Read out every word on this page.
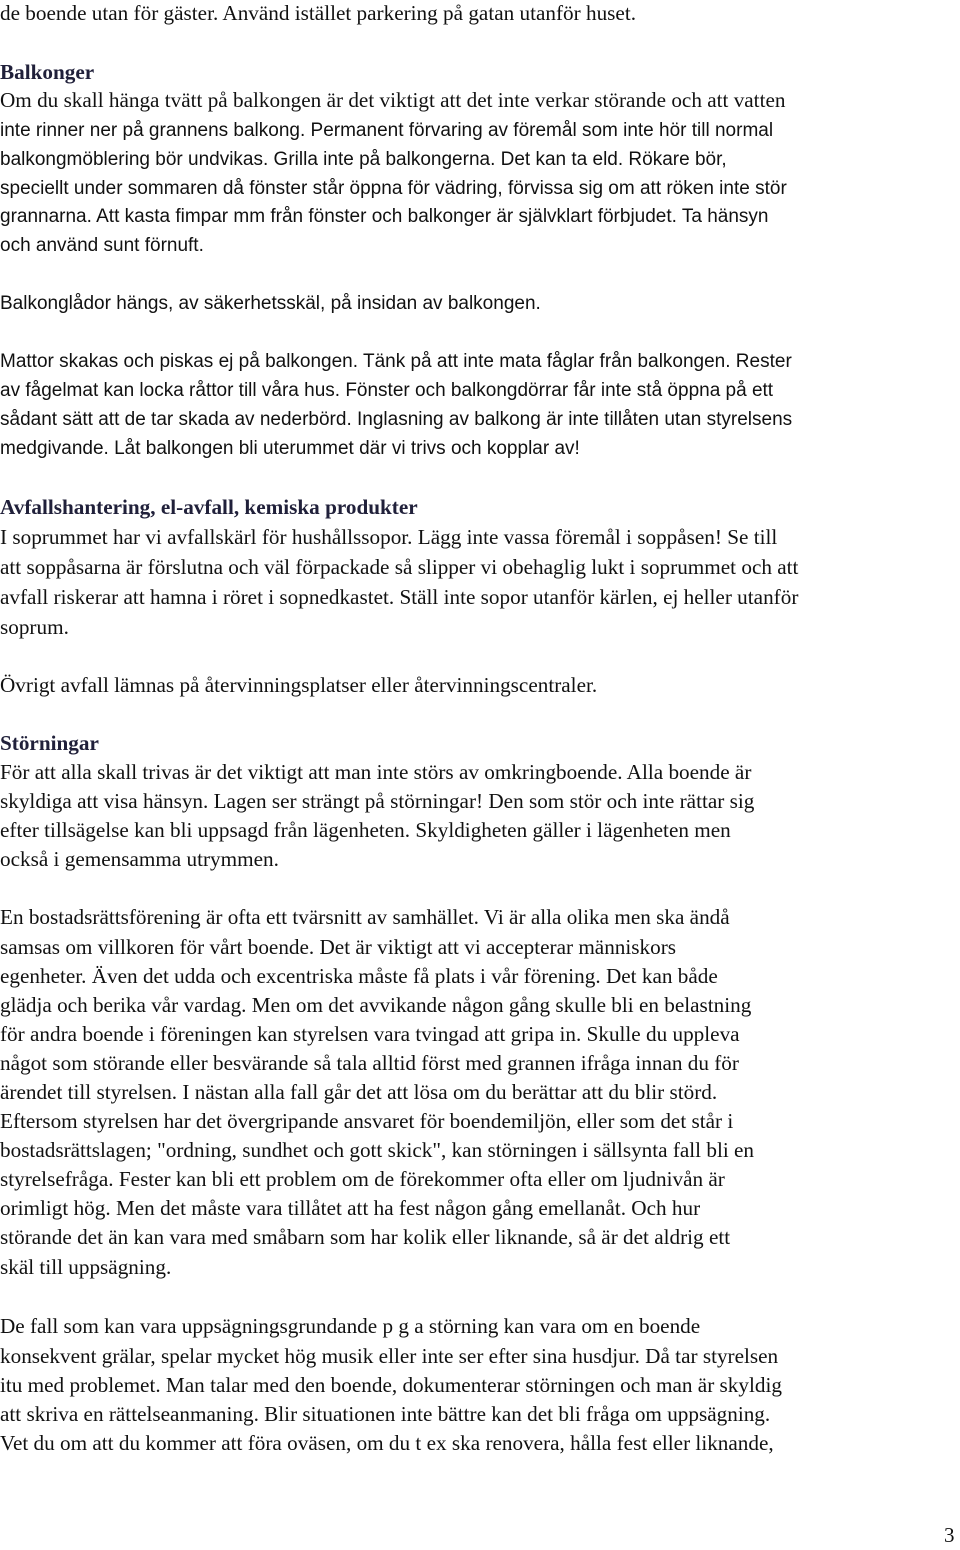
de boende utan för gäster. Använd istället parkering på gatan utanför huset.
Balkonger
Om du skall hänga tvätt på balkongen är det viktigt att det inte verkar störande och att vatten
inte rinner ner på grannens balkong. Permanent förvaring av föremål som inte hör till normal
balkongmöblering bör undvikas. Grilla inte på balkongerna. Det kan ta eld. Rökare bör,
speciellt under sommaren då fönster står öppna för vädring, förvissa sig om att röken inte stör
grannarna. Att kasta fimpar mm från fönster och balkonger är självklart förbjudet. Ta hänsyn
och använd sunt förnuft.
Balkonglådor hängs, av säkerhetsskäl, på insidan av balkongen.
Mattor skakas och piskas ej på balkongen. Tänk på att inte mata fåglar från balkongen. Rester
av fågelmat kan locka råttor till våra hus. Fönster och balkongdörrar får inte stå öppna på ett
sådant sätt att de tar skada av nederbörd. Inglasning av balkong är inte tillåten utan styrelsens
medgivande. Låt balkongen bli uterummet där vi trivs och kopplar av!
Avfallshantering, el-avfall, kemiska produkter
I soprummet har vi avfallskärl för hushållssopor. Lägg inte vassa föremål i soppåsen! Se till
att soppåsarna är förslutna och väl förpackade så slipper vi obehaglig lukt i soprummet och att
avfall riskerar att hamna i röret i sopnedkastet. Ställ inte sopor utanför kärlen, ej heller utanför
soprum.
Övrigt avfall lämnas på återvinningsplatser eller återvinningscentraler.
Störningar
För att alla skall trivas är det viktigt att man inte störs av omkringboende. Alla boende är
skyldiga att visa hänsyn. Lagen ser strängt på störningar! Den som stör och inte rättar sig
efter tillsägelse kan bli uppsagd från lägenheten. Skyldigheten gäller i lägenheten men
också i gemensamma utrymmen.
En bostadsrättsförening är ofta ett tvärsnitt av samhället. Vi är alla olika men ska ändå
samsas om villkoren för vårt boende. Det är viktigt att vi accepterar människors
egenheter. Även det udda och excentriska måste få plats i vår förening. Det kan både
glädja och berika vår vardag. Men om det avvikande någon gång skulle bli en belastning
för andra boende i föreningen kan styrelsen vara tvingad att gripa in. Skulle du uppleva
något som störande eller besvärande så tala alltid först med grannen ifråga innan du för
ärendet till styrelsen. I nästan alla fall går det att lösa om du berättar att du blir störd.
Eftersom styrelsen har det övergripande ansvaret för boendemiljön, eller som det står i
bostadsrättslagen; "ordning, sundhet och gott skick", kan störningen i sällsynta fall bli en
styrelsefråga. Fester kan bli ett problem om de förekommer ofta eller om ljudnivån är
orimligt hög. Men det måste vara tillåtet att ha fest någon gång emellanåt. Och hur
störande det än kan vara med småbarn som har kolik eller liknande, så är det aldrig ett
skäl till uppsägning.
De fall som kan vara uppsägningsgrundande p g a störning kan vara om en boende
konsekvent grälar, spelar mycket hög musik eller inte ser efter sina husdjur. Då tar styrelsen
itu med problemet. Man talar med den boende, dokumenterar störningen och man är skyldig
att skriva en rättelseanmaning. Blir situationen inte bättre kan det bli fråga om uppsägning.
Vet du om att du kommer att föra oväsen, om du t ex ska renovera, hålla fest eller liknande,
3
